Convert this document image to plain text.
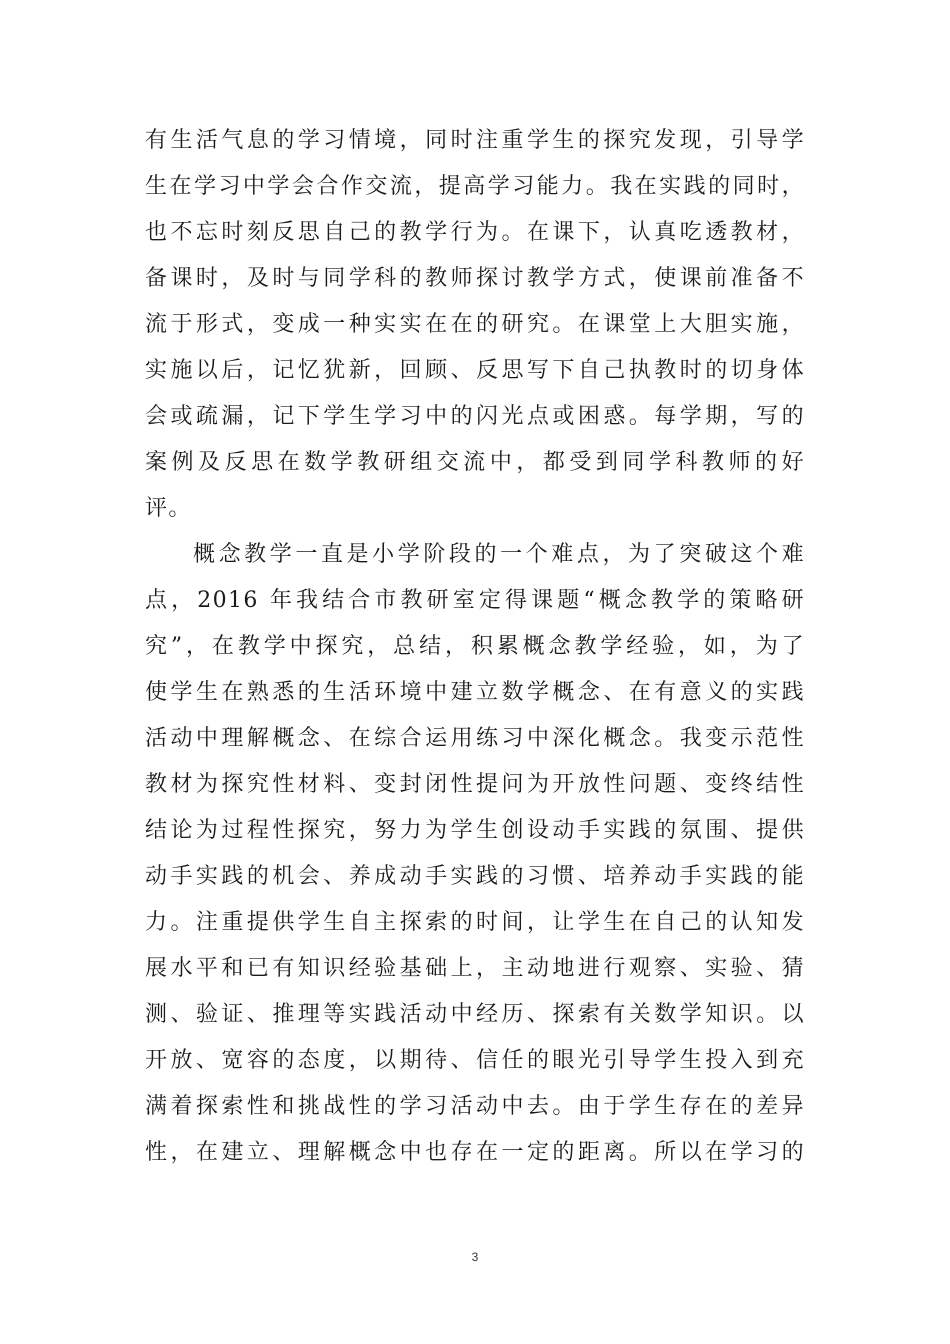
有生活气息的学习情境，同时注重学生的探究发现，引导学
生在学习中学会合作交流，提高学习能力。我在实践的同时，
也不忘时刻反思自己的教学行为。在课下，认真吃透教材，
备课时，及时与同学科的教师探讨教学方式，使课前准备不
流于形式，变成一种实实在在的研究。在课堂上大胆实施，
实施以后，记忆犹新，回顾、反思写下自己执教时的切身体
会或疏漏，记下学生学习中的闪光点或困惑。每学期，写的
案例及反思在数学教研组交流中，都受到同学科教师的好
评。
概念教学一直是小学阶段的一个难点，为了突破这个难
点，2016 年我结合市教研室定得课题“概念教学的策略研
究”，在教学中探究，总结，积累概念教学经验，如，为了
使学生在熟悉的生活环境中建立数学概念、在有意义的实践
活动中理解概念、在综合运用练习中深化概念。我变示范性
教材为探究性材料、变封闭性提问为开放性问题、变终结性
结论为过程性探究，努力为学生创设动手实践的氛围、提供
动手实践的机会、养成动手实践的习惯、培养动手实践的能
力。注重提供学生自主探索的时间，让学生在自己的认知发
展水平和已有知识经验基础上，主动地进行观察、实验、猜
测、验证、推理等实践活动中经历、探索有关数学知识。以
开放、宽容的态度，以期待、信任的眼光引导学生投入到充
满着探索性和挑战性的学习活动中去。由于学生存在的差异
性，在建立、理解概念中也存在一定的距离。所以在学习的
3
